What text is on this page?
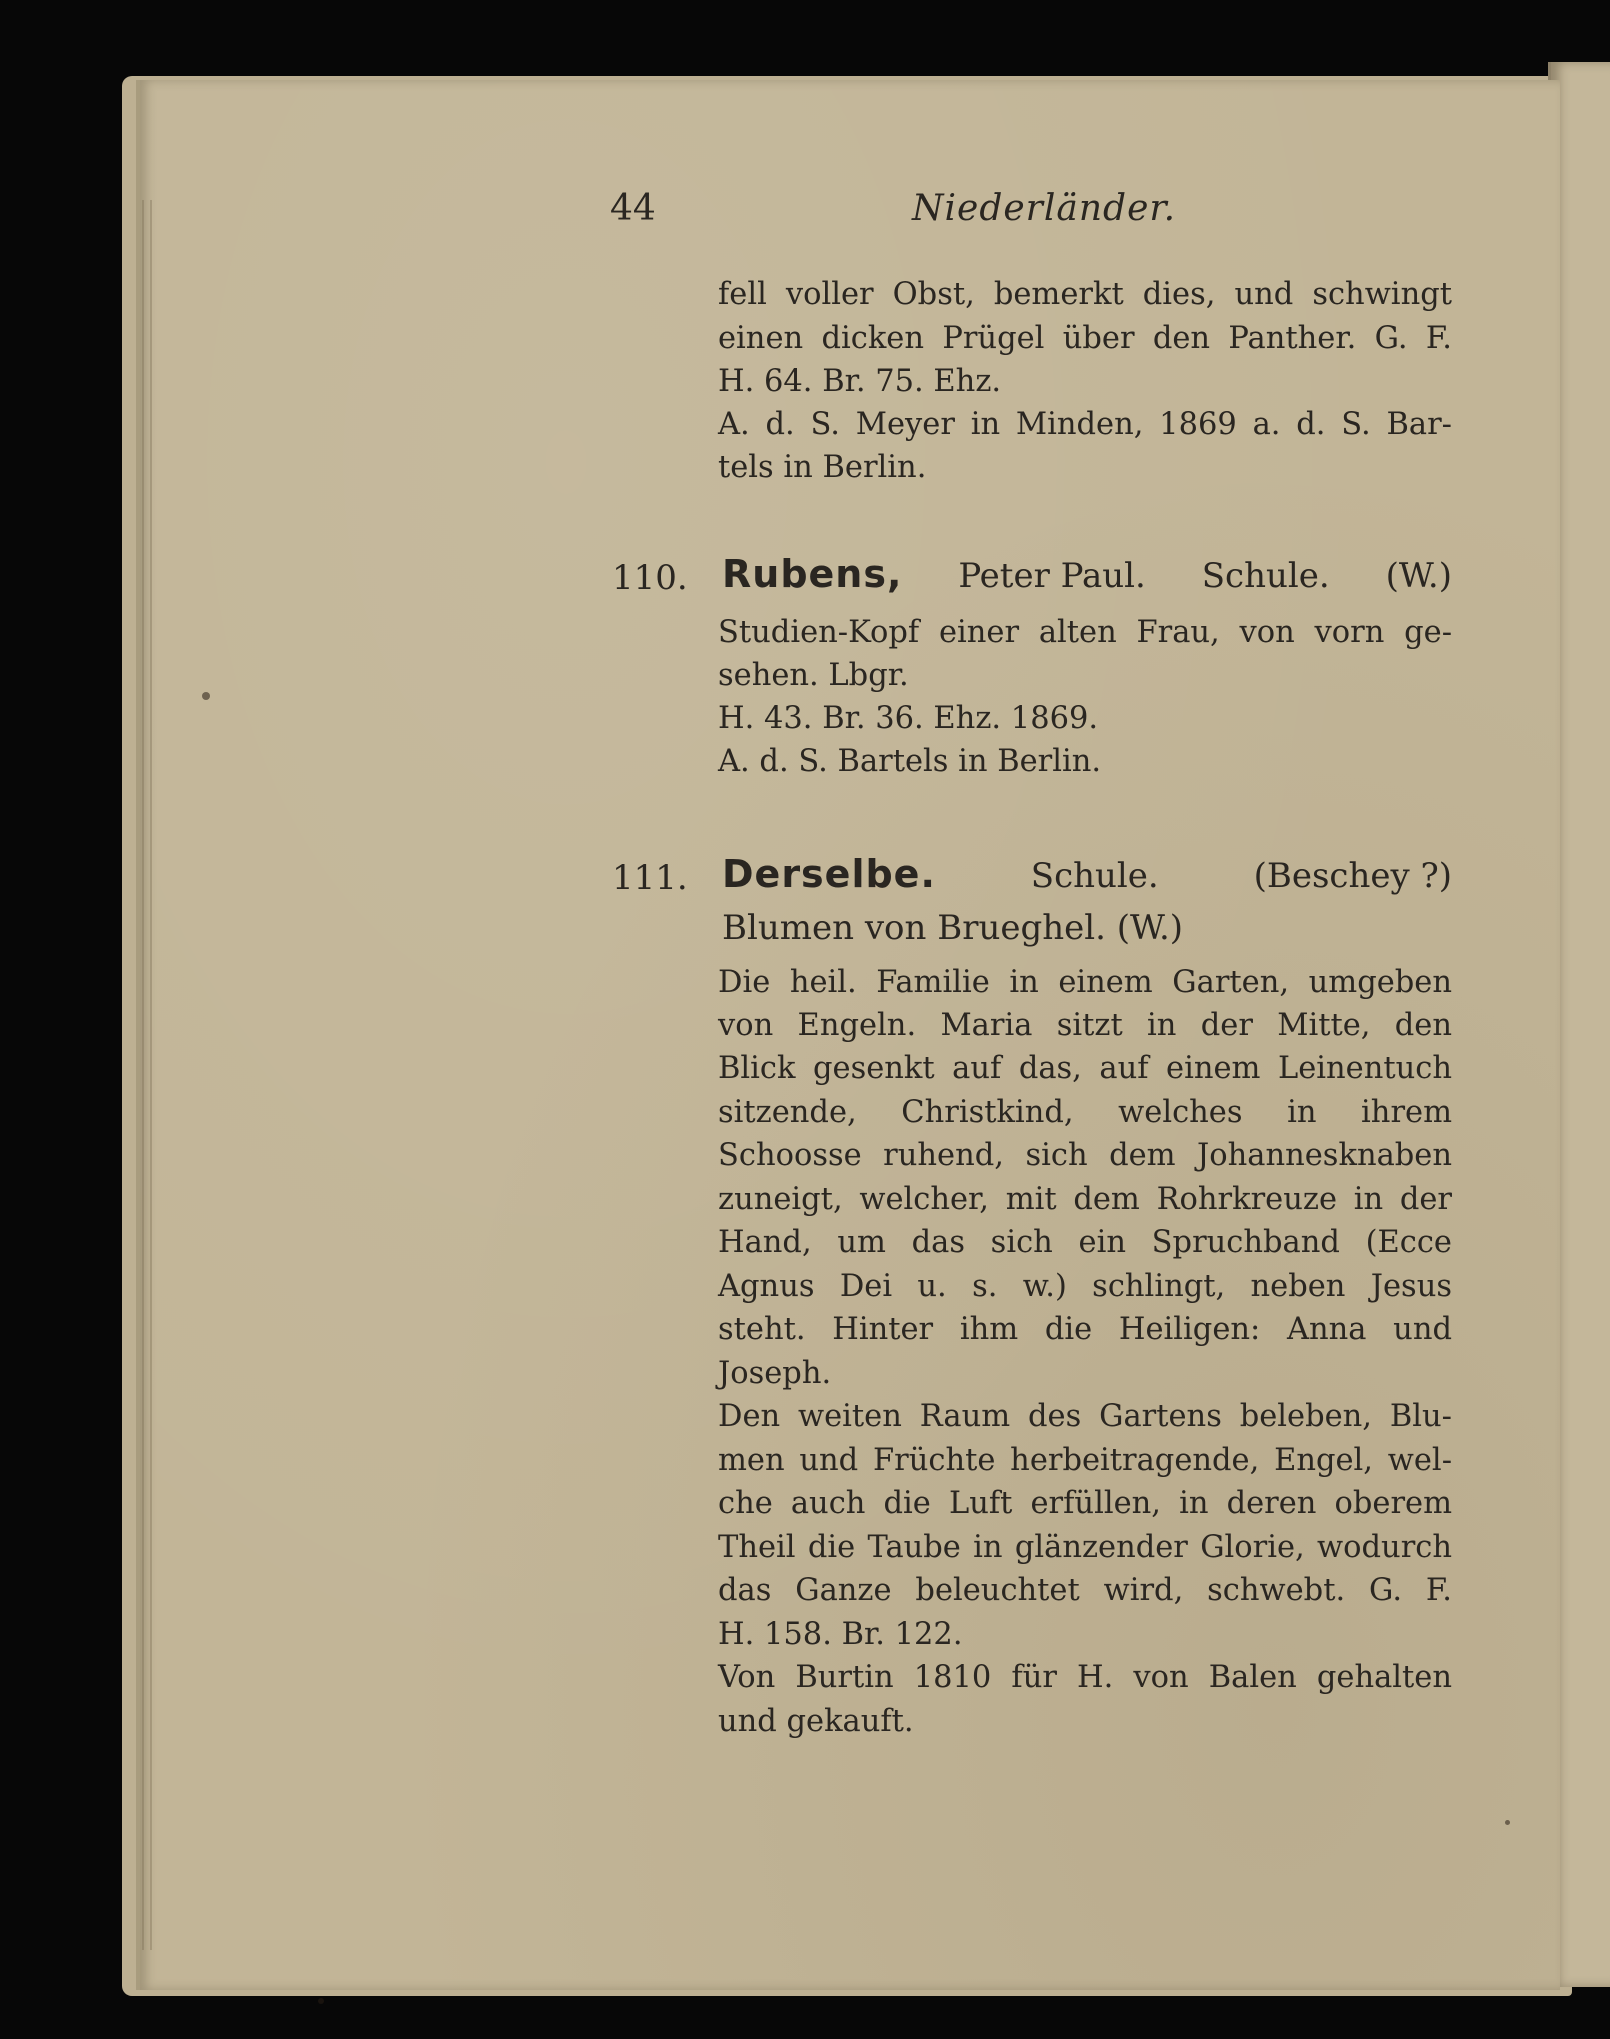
44	Niederländer.
fell voller Obst, bemerkt dies, und schwingt
einen dicken Prügel über den Panther. G. F.
H. 64. Br. 75. Ehz.
A. d. S. Meyer in Minden, 1869 a. d. S. Bar-
tels in Berlin.
110. Rubens, Peter Paul. Schule. (W.)
Studien-Kopf einer alten Frau, von vorn ge-
sehen. Lbgr.
H. 43. Br. 36. Ehz. 1869.
A. d. S. Bartels in Berlin.
111. Derselbe.	Schule.	(Beschey ?)
Blumen von Brueghel. (W.)
Die heil. Familie in einem Garten, umgeben
von Engeln. Maria sitzt in der Mitte, den
Blick gesenkt auf das, auf einem Leinentuch
sitzende, Christkind, welches in ihrem
Schoosse ruhend, sich dem Johannesknaben
zuneigt, welcher, mit dem Rohrkreuze in der
Hand, um das sich ein Spruchband (Ecce
Agnus Dei u. s. w.) schlingt, neben Jesus
steht. Hinter ihm die Heiligen: Anna und
Joseph.
Den weiten Raum des Gartens beleben, Blu-
men und Früchte herbeitragende, Engel, wel-
che auch die Luft erfüllen, in deren oberem
Theil die Taube in glänzender Glorie, wodurch
das Ganze beleuchtet wird, schwebt. G. F.
H. 158. Br. 122.
Von Burtin 1810 für H. von Balen gehalten
und gekauft.
